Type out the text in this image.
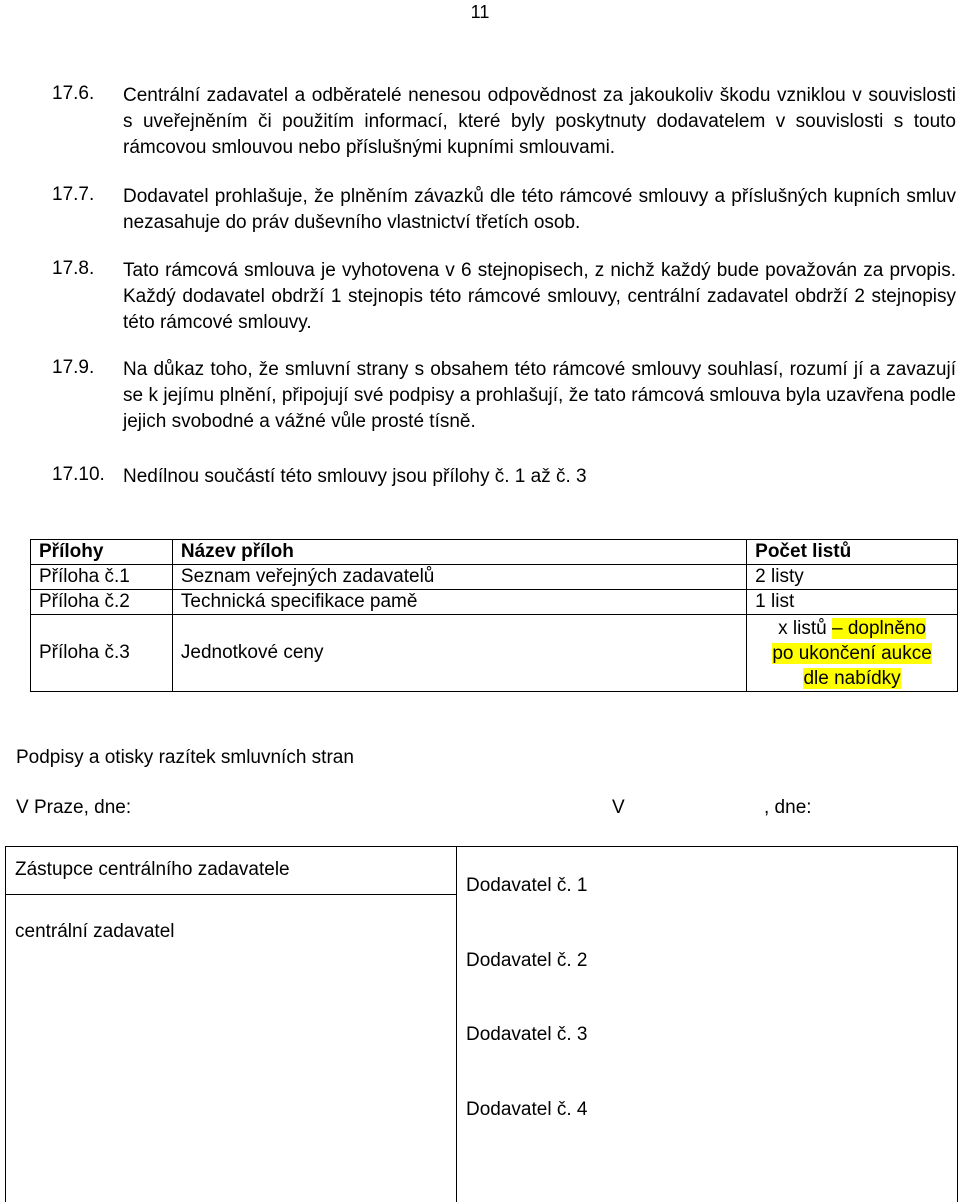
11
17.6. Centrální zadavatel a odběratelé nenesou odpovědnost za jakoukoliv škodu vzniklou v souvislosti s uveřejněním či použitím informací, které byly poskytnuty dodavatelem v souvislosti s touto rámcovou smlouvou nebo příslušnými kupními smlouvami.
17.7. Dodavatel prohlašuje, že plněním závazků dle této rámcové smlouvy a příslušných kupních smluv nezasahuje do práv duševního vlastnictví třetích osob.
17.8. Tato rámcová smlouva je vyhotovena v 6 stejnopisech, z nichž každý bude považován za prvopis. Každý dodavatel obdrží 1 stejnopis této rámcové smlouvy, centrální zadavatel obdrží 2 stejnopisy této rámcové smlouvy.
17.9. Na důkaz toho, že smluvní strany s obsahem této rámcové smlouvy souhlasí, rozumí jí a zavazují se k jejímu plnění, připojují své podpisy a prohlašují, že tato rámcová smlouva byla uzavřena podle jejich svobodné a vážné vůle prosté tísně.
17.10. Nedílnou součástí této smlouvy jsou přílohy č. 1 až č. 3
Přílohy	Název příloh	Počet listů
Příloha č.1	Seznam veřejných zadavatelů	2 listy
Příloha č.2	Technická specifikace pamě	1 list
Příloha č.3	Jednotkové ceny	x listů – doplněno
po ukončení aukce
dle nabídky
Podpisy a otisky razítek smluvních stran
V Praze, dne:	V	, dne:
Zástupce centrálního zadavatele
centrální zadavatel
Dodavatel č. 1
Dodavatel č. 2
Dodavatel č. 3
Dodavatel č. 4
